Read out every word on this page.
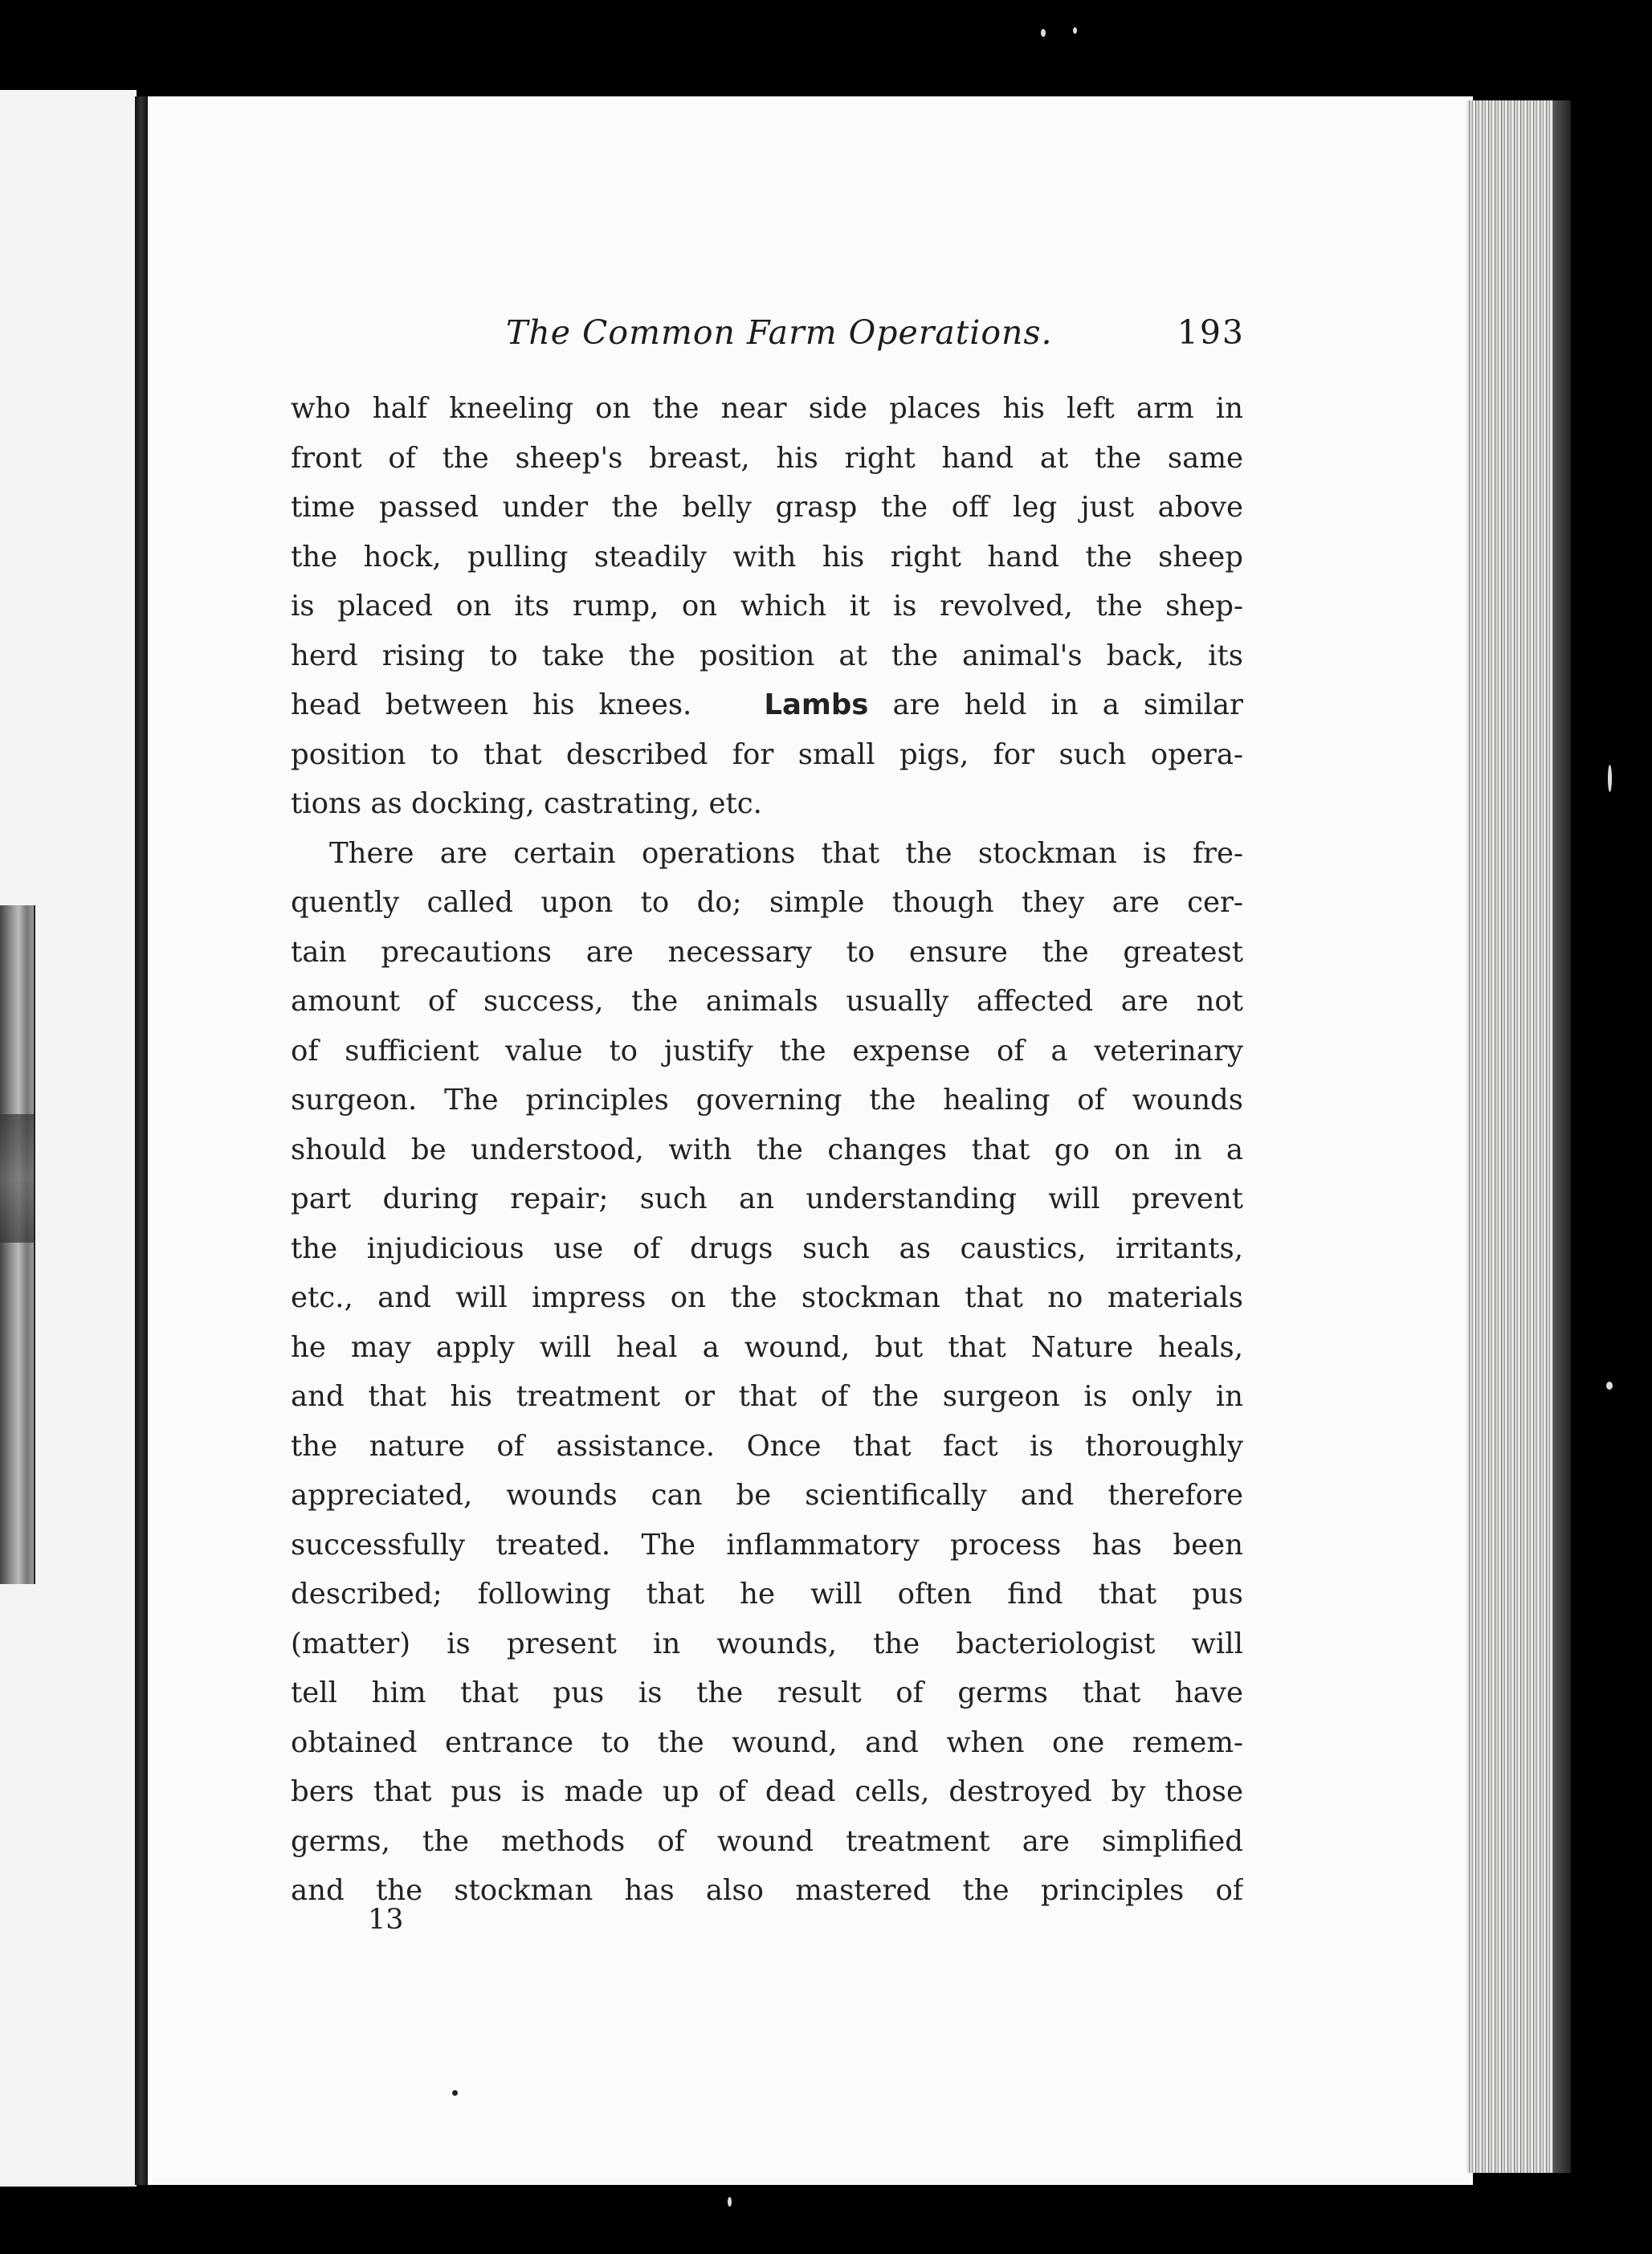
The Common Farm Operations.	193
who half kneeling on the near side places his left arm in
front of the sheep's breast, his right hand at the same
time passed under the belly grasp the off leg just above
the hock, pulling steadily with his right hand the sheep
is placed on its rump, on which it is revolved, the shep-
herd rising to take the position at the animal's back, its
head between his knees.	Lambs are held in a similar
position to that described for small pigs, for such opera-
tions as docking, castrating, etc.
There are certain operations that the stockman is fre-
quently called upon to do; simple though they are cer-
tain precautions are necessary to ensure the greatest
amount of success, the animals usually affected are not
of sufficient value to justify the expense of a veterinary
surgeon. The principles governing the healing of wounds
should be understood, with the changes that go on in a
part during repair; such an understanding will prevent
the injudicious use of drugs such as caustics, irritants,
etc., and will impress on the stockman that no materials
he may apply will heal a wound, but that Nature heals,
and that his treatment or that of the surgeon is only in
the nature of assistance. Once that fact is thoroughly
appreciated, wounds can be scientifically and therefore
successfully treated. The inflammatory process has been
described; following that he will often find that pus
(matter) is present in wounds, the bacteriologist will
tell him that pus is the result of germs that have
obtained entrance to the wound, and when one remem-
bers that pus is made up of dead cells, destroyed by those
germs, the methods of wound treatment are simplified
and the stockman has also mastered the principles of
13
